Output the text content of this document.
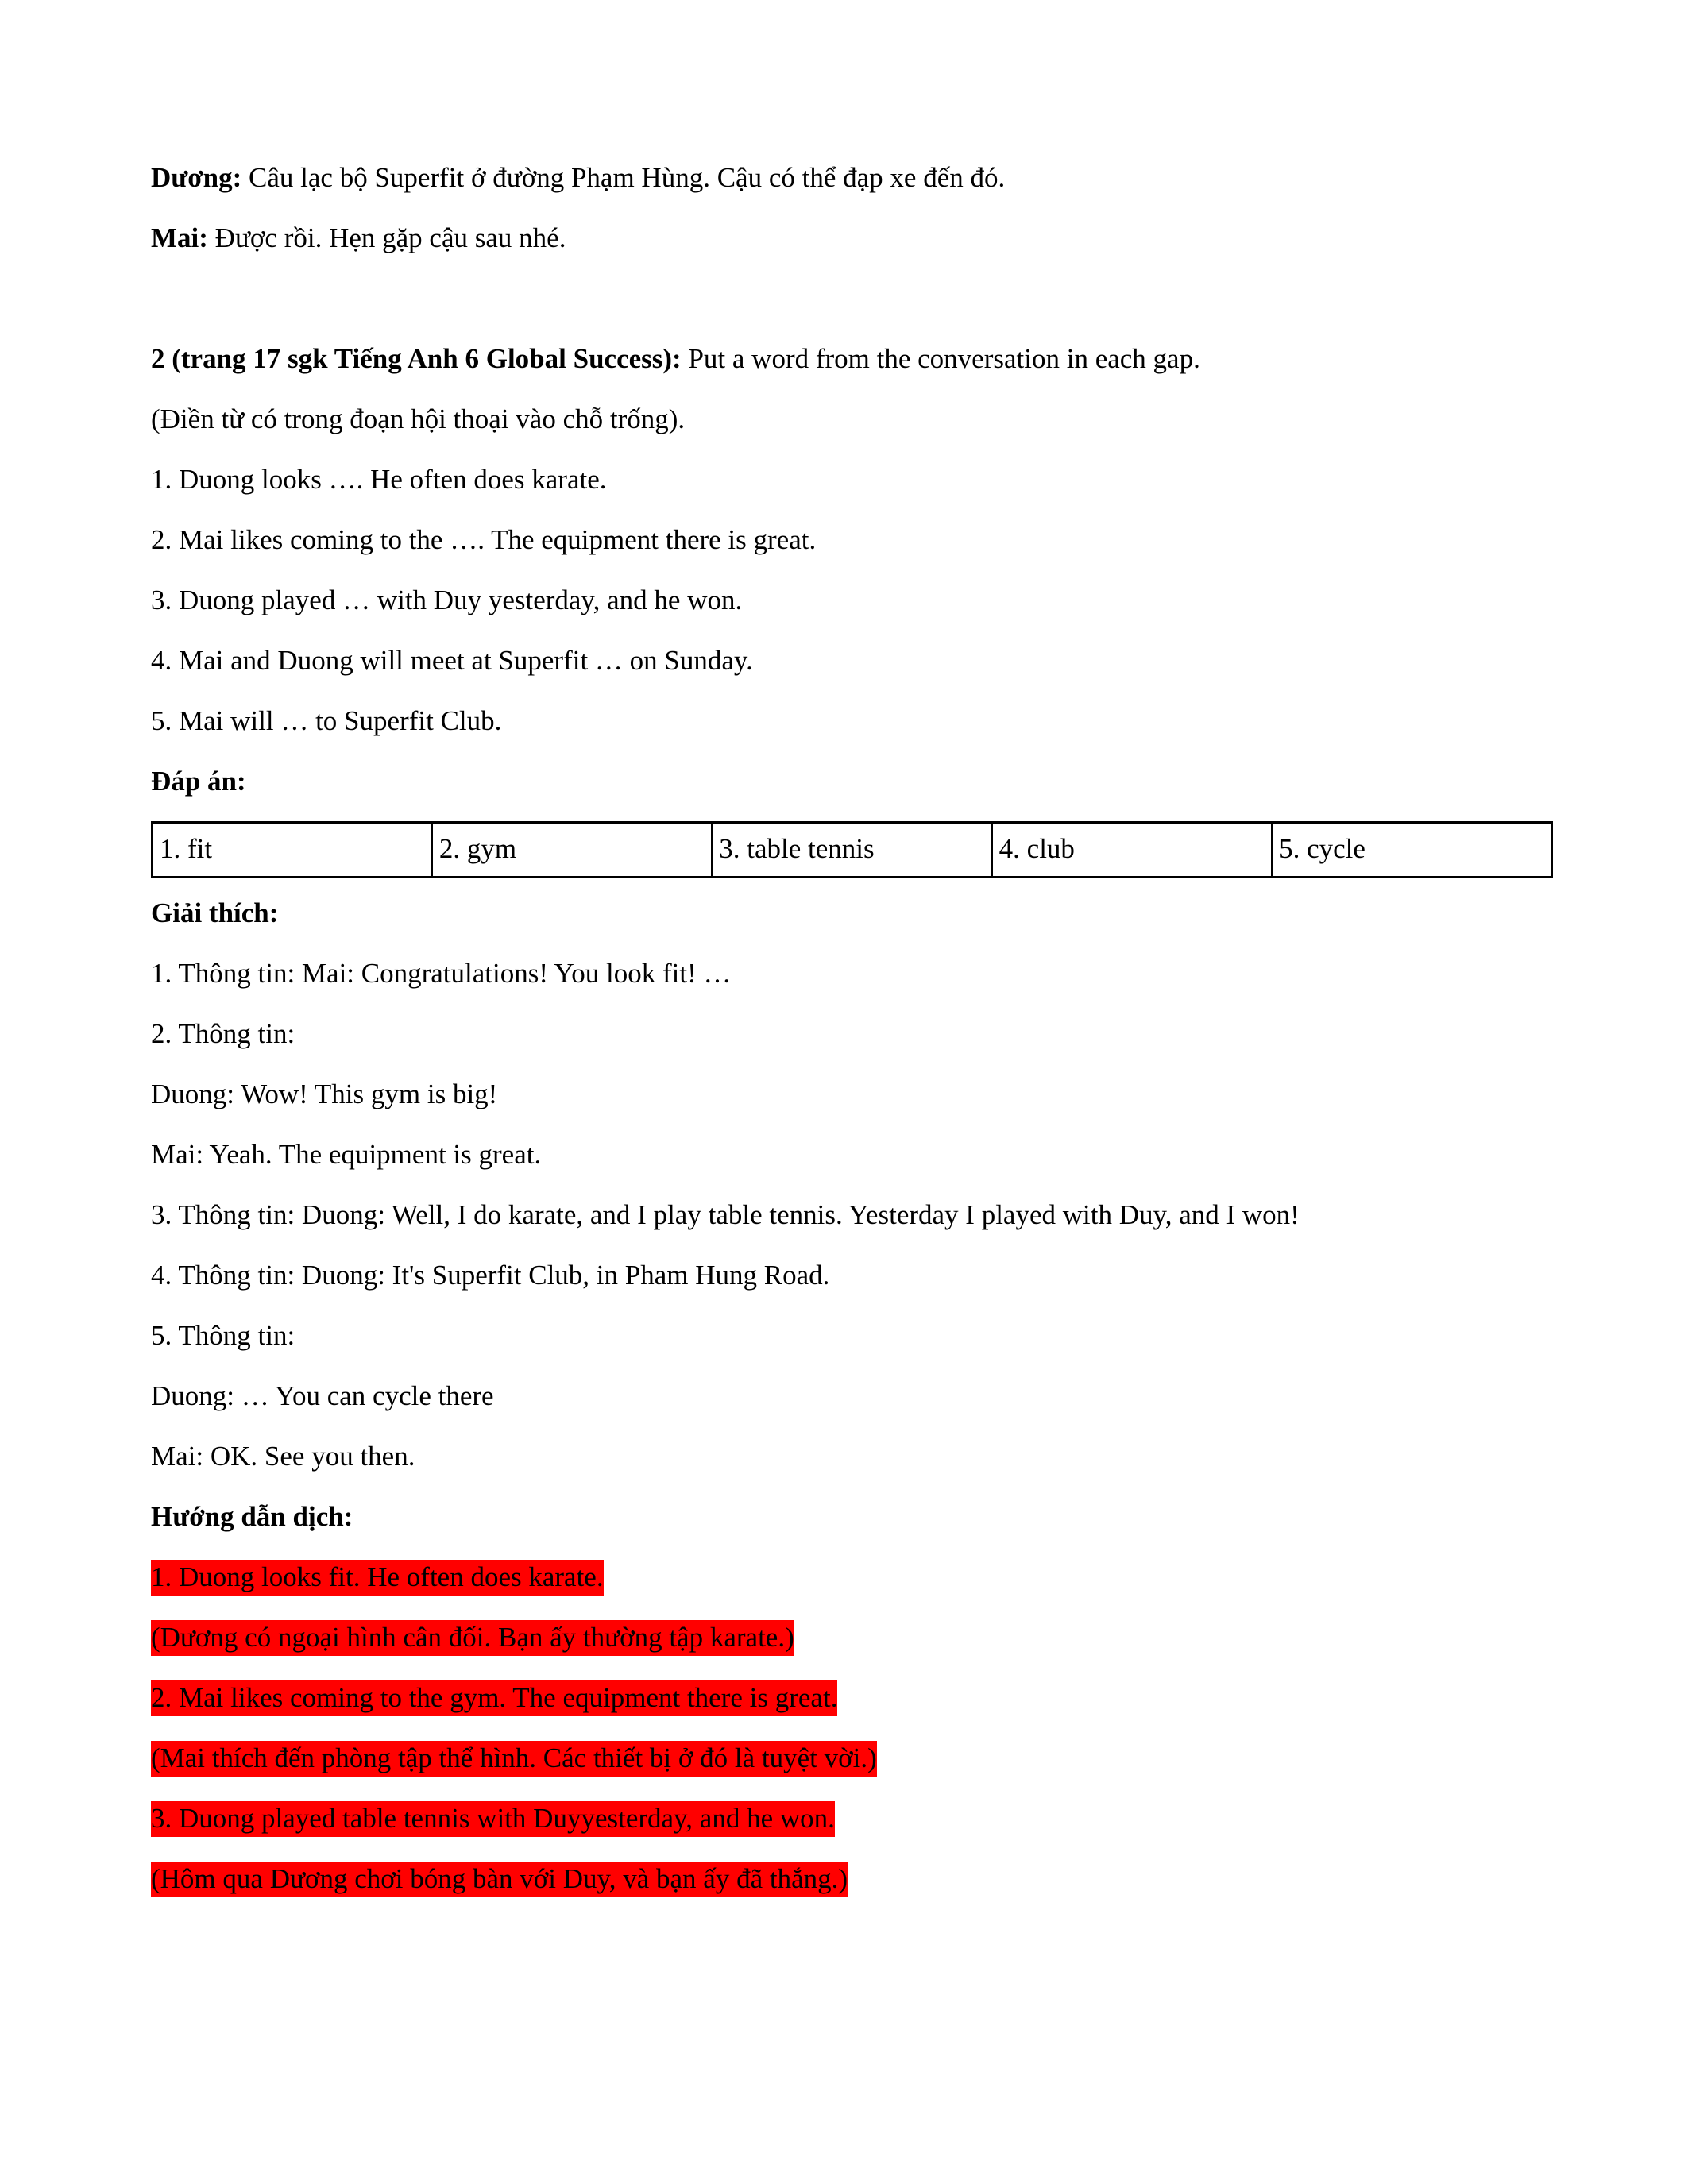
Dương: Câu lạc bộ Superfit ở đường Phạm Hùng. Cậu có thể đạp xe đến đó.

Mai: Được rồi. Hẹn gặp cậu sau nhé.

2 (trang 17 sgk Tiếng Anh 6 Global Success): Put a word from the conversation in each gap.

(Điền từ có trong đoạn hội thoại vào chỗ trống).

1. Duong looks …. He often does karate.

2. Mai likes coming to the …. The equipment there is great.

3. Duong played … with Duy yesterday, and he won.

4. Mai and Duong will meet at Superfit … on Sunday.

5. Mai will … to Superfit Club.

Đáp án:

1. fit	2. gym	3. table tennis	4. club	5. cycle

Giải thích:

1. Thông tin: Mai: Congratulations! You look fit! …

2. Thông tin:

Duong: Wow! This gym is big!

Mai: Yeah. The equipment is great.

3. Thông tin: Duong: Well, I do karate, and I play table tennis. Yesterday I played with Duy, and I won!

4. Thông tin: Duong: It's Superfit Club, in Pham Hung Road.

5. Thông tin:

Duong: … You can cycle there

Mai: OK. See you then.

Hướng dẫn dịch:

1. Duong looks fit. He often does karate.

(Dương có ngoại hình cân đối. Bạn ấy thường tập karate.)

2. Mai likes coming to the gym. The equipment there is great.

(Mai thích đến phòng tập thể hình. Các thiết bị ở đó là tuyệt vời.)

3. Duong played table tennis with Duyyesterday, and he won.

(Hôm qua Dương chơi bóng bàn với Duy, và bạn ấy đã thắng.)
